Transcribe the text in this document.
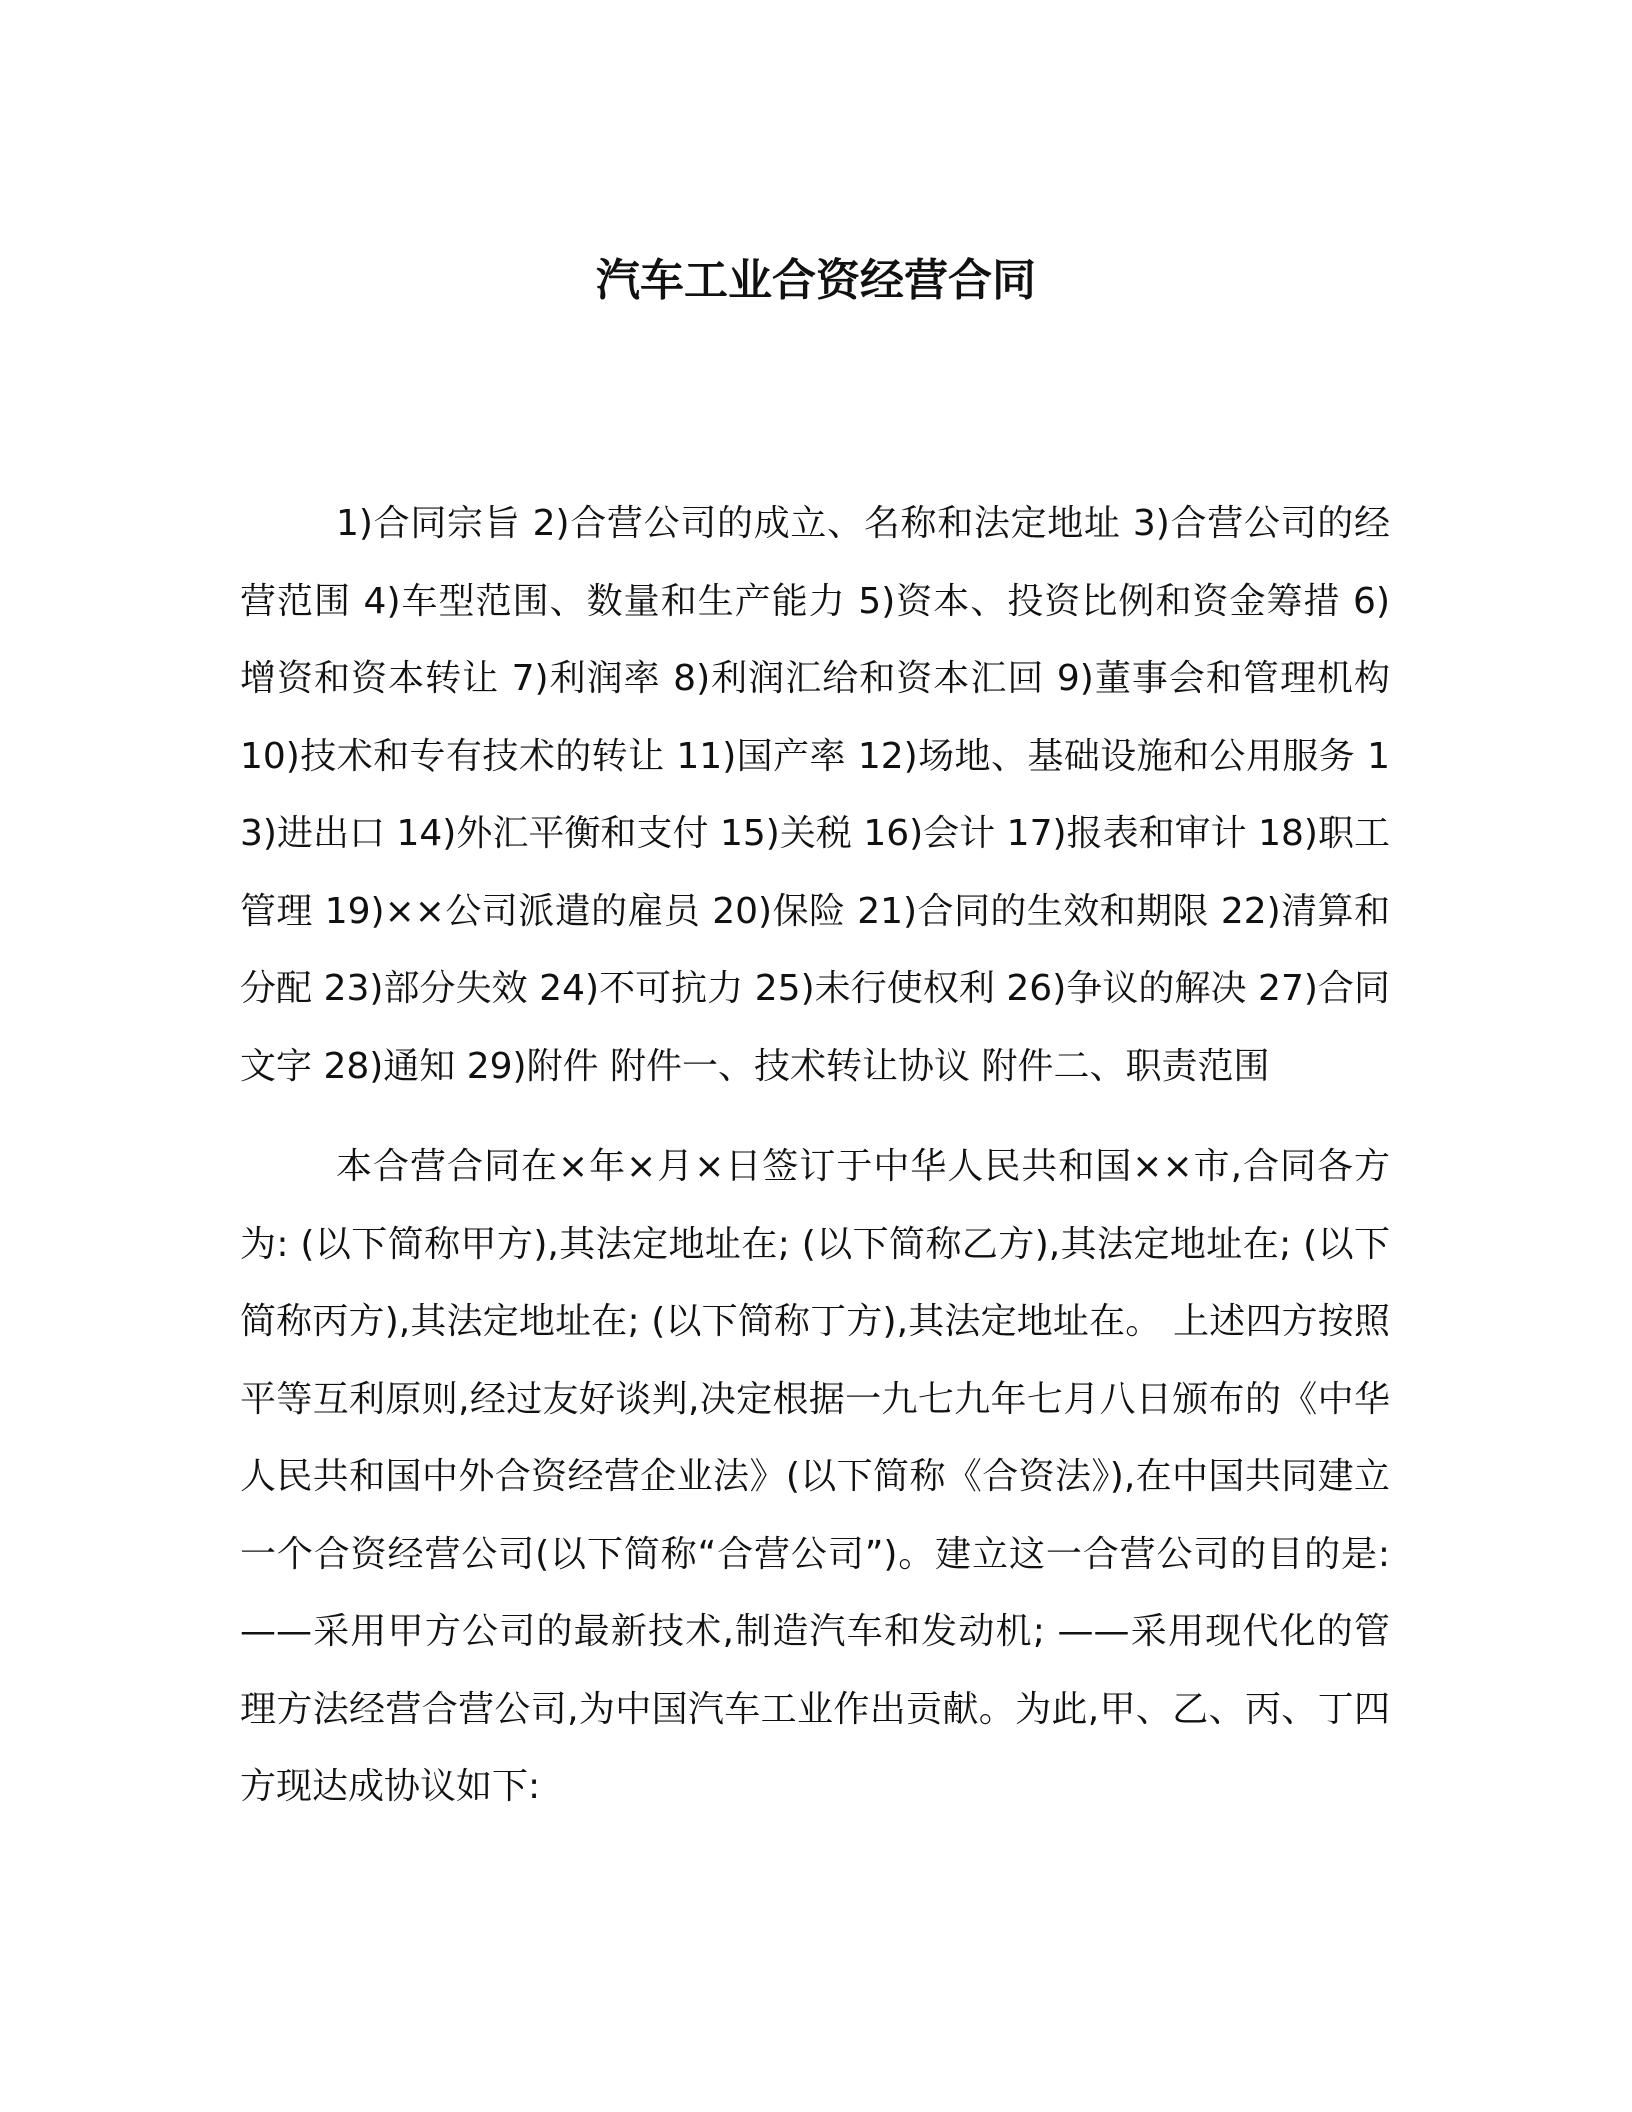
汽车工业合资经营合同

1)合同宗旨 2)合营公司的成立、名称和法定地址 3)合营公司的经营范围 4)车型范围、数量和生产能力 5)资本、投资比例和资金筹措 6)增资和资本转让 7)利润率 8)利润汇给和资本汇回 9)董事会和管理机构 10)技术和专有技术的转让 11)国产率 12)场地、基础设施和公用服务 13)进出口 14)外汇平衡和支付 15)关税 16)会计 17)报表和审计 18)职工管理 19)××公司派遣的雇员 20)保险 21)合同的生效和期限 22)清算和分配 23)部分失效 24)不可抗力 25)未行使权利 26)争议的解决 27)合同文字 28)通知 29)附件 附件一、技术转让协议 附件二、职责范围

本合营合同在×年×月×日签订于中华人民共和国××市,合同各方为: (以下简称甲方),其法定地址在; (以下简称乙方),其法定地址在; (以下简称丙方),其法定地址在; (以下简称丁方),其法定地址在。 上述四方按照平等互利原则,经过友好谈判,决定根据一九七九年七月八日颁布的《中华人民共和国中外合资经营企业法》(以下简称《合资法》),在中国共同建立一个合资经营公司(以下简称“合营公司”)。建立这一合营公司的目的是: ——采用甲方公司的最新技术,制造汽车和发动机; ——采用现代化的管理方法经营合营公司,为中国汽车工业作出贡献。为此,甲、乙、丙、丁四方现达成协议如下:
